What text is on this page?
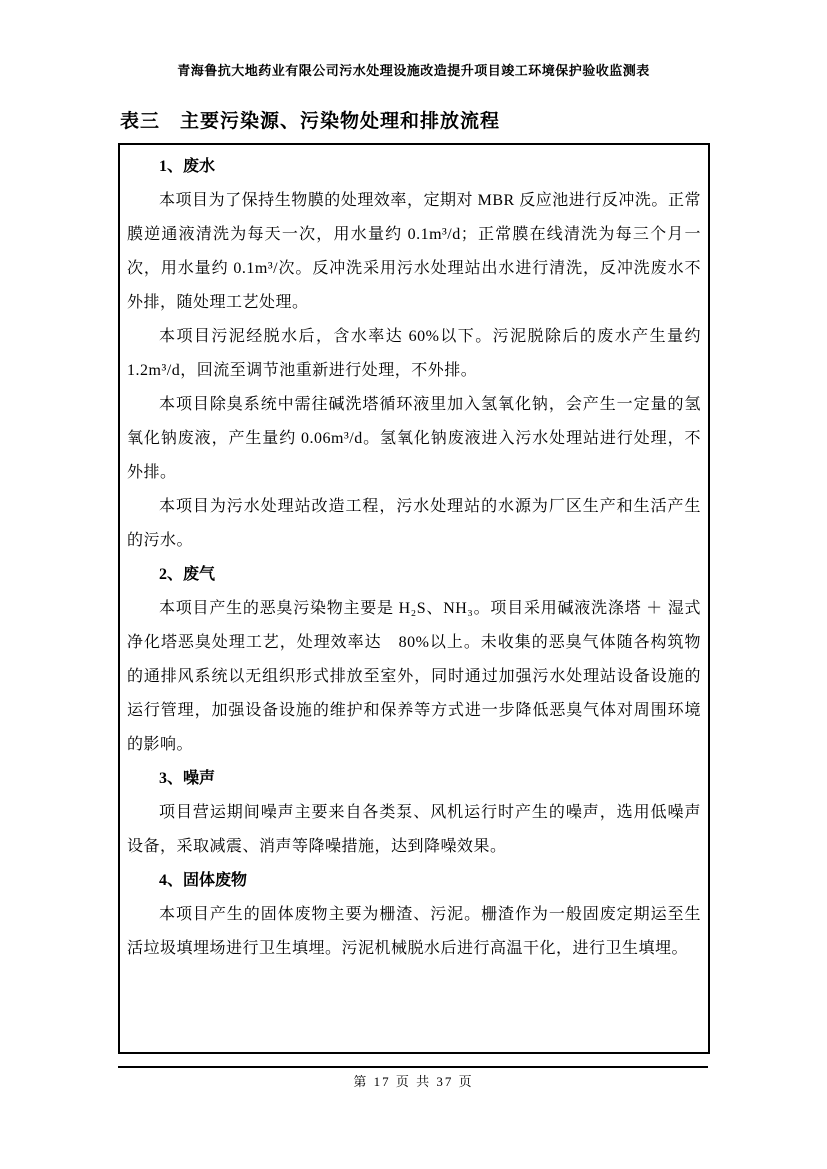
青海鲁抗大地药业有限公司污水处理设施改造提升项目竣工环境保护验收监测表
表三　主要污染源、污染物处理和排放流程
1、废水

本项目为了保持生物膜的处理效率，定期对 MBR 反应池进行反冲洗。正常膜逆通液清洗为每天一次，用水量约 0.1m³/d；正常膜在线清洗为每三个月一次，用水量约 0.1m³/次。反冲洗采用污水处理站出水进行清洗，反冲洗废水不外排，随处理工艺处理。

本项目污泥经脱水后，含水率达 60%以下。污泥脱除后的废水产生量约 1.2m³/d，回流至调节池重新进行处理，不外排。

本项目除臭系统中需往碱洗塔循环液里加入氢氧化钠，会产生一定量的氢氧化钠废液，产生量约 0.06m³/d。氢氧化钠废液进入污水处理站进行处理，不外排。

本项目为污水处理站改造工程，污水处理站的水源为厂区生产和生活产生的污水。

2、废气

本项目产生的恶臭污染物主要是 H₂S、NH₃。项目采用碱液洗涤塔 ＋ 湿式净化塔恶臭处理工艺，处理效率达　80%以上。未收集的恶臭气体随各构筑物的通排风系统以无组织形式排放至室外，同时通过加强污水处理站设备设施的运行管理，加强设备设施的维护和保养等方式进一步降低恶臭气体对周围环境的影响。

3、噪声

项目营运期间噪声主要来自各类泵、风机运行时产生的噪声，选用低噪声设备，采取减震、消声等降噪措施，达到降噪效果。

4、固体废物

本项目产生的固体废物主要为栅渣、污泥。栅渣作为一般固废定期运至生活垃圾填埋场进行卫生填埋。污泥机械脱水后进行高温干化，进行卫生填埋。

第 17 页 共 37 页
